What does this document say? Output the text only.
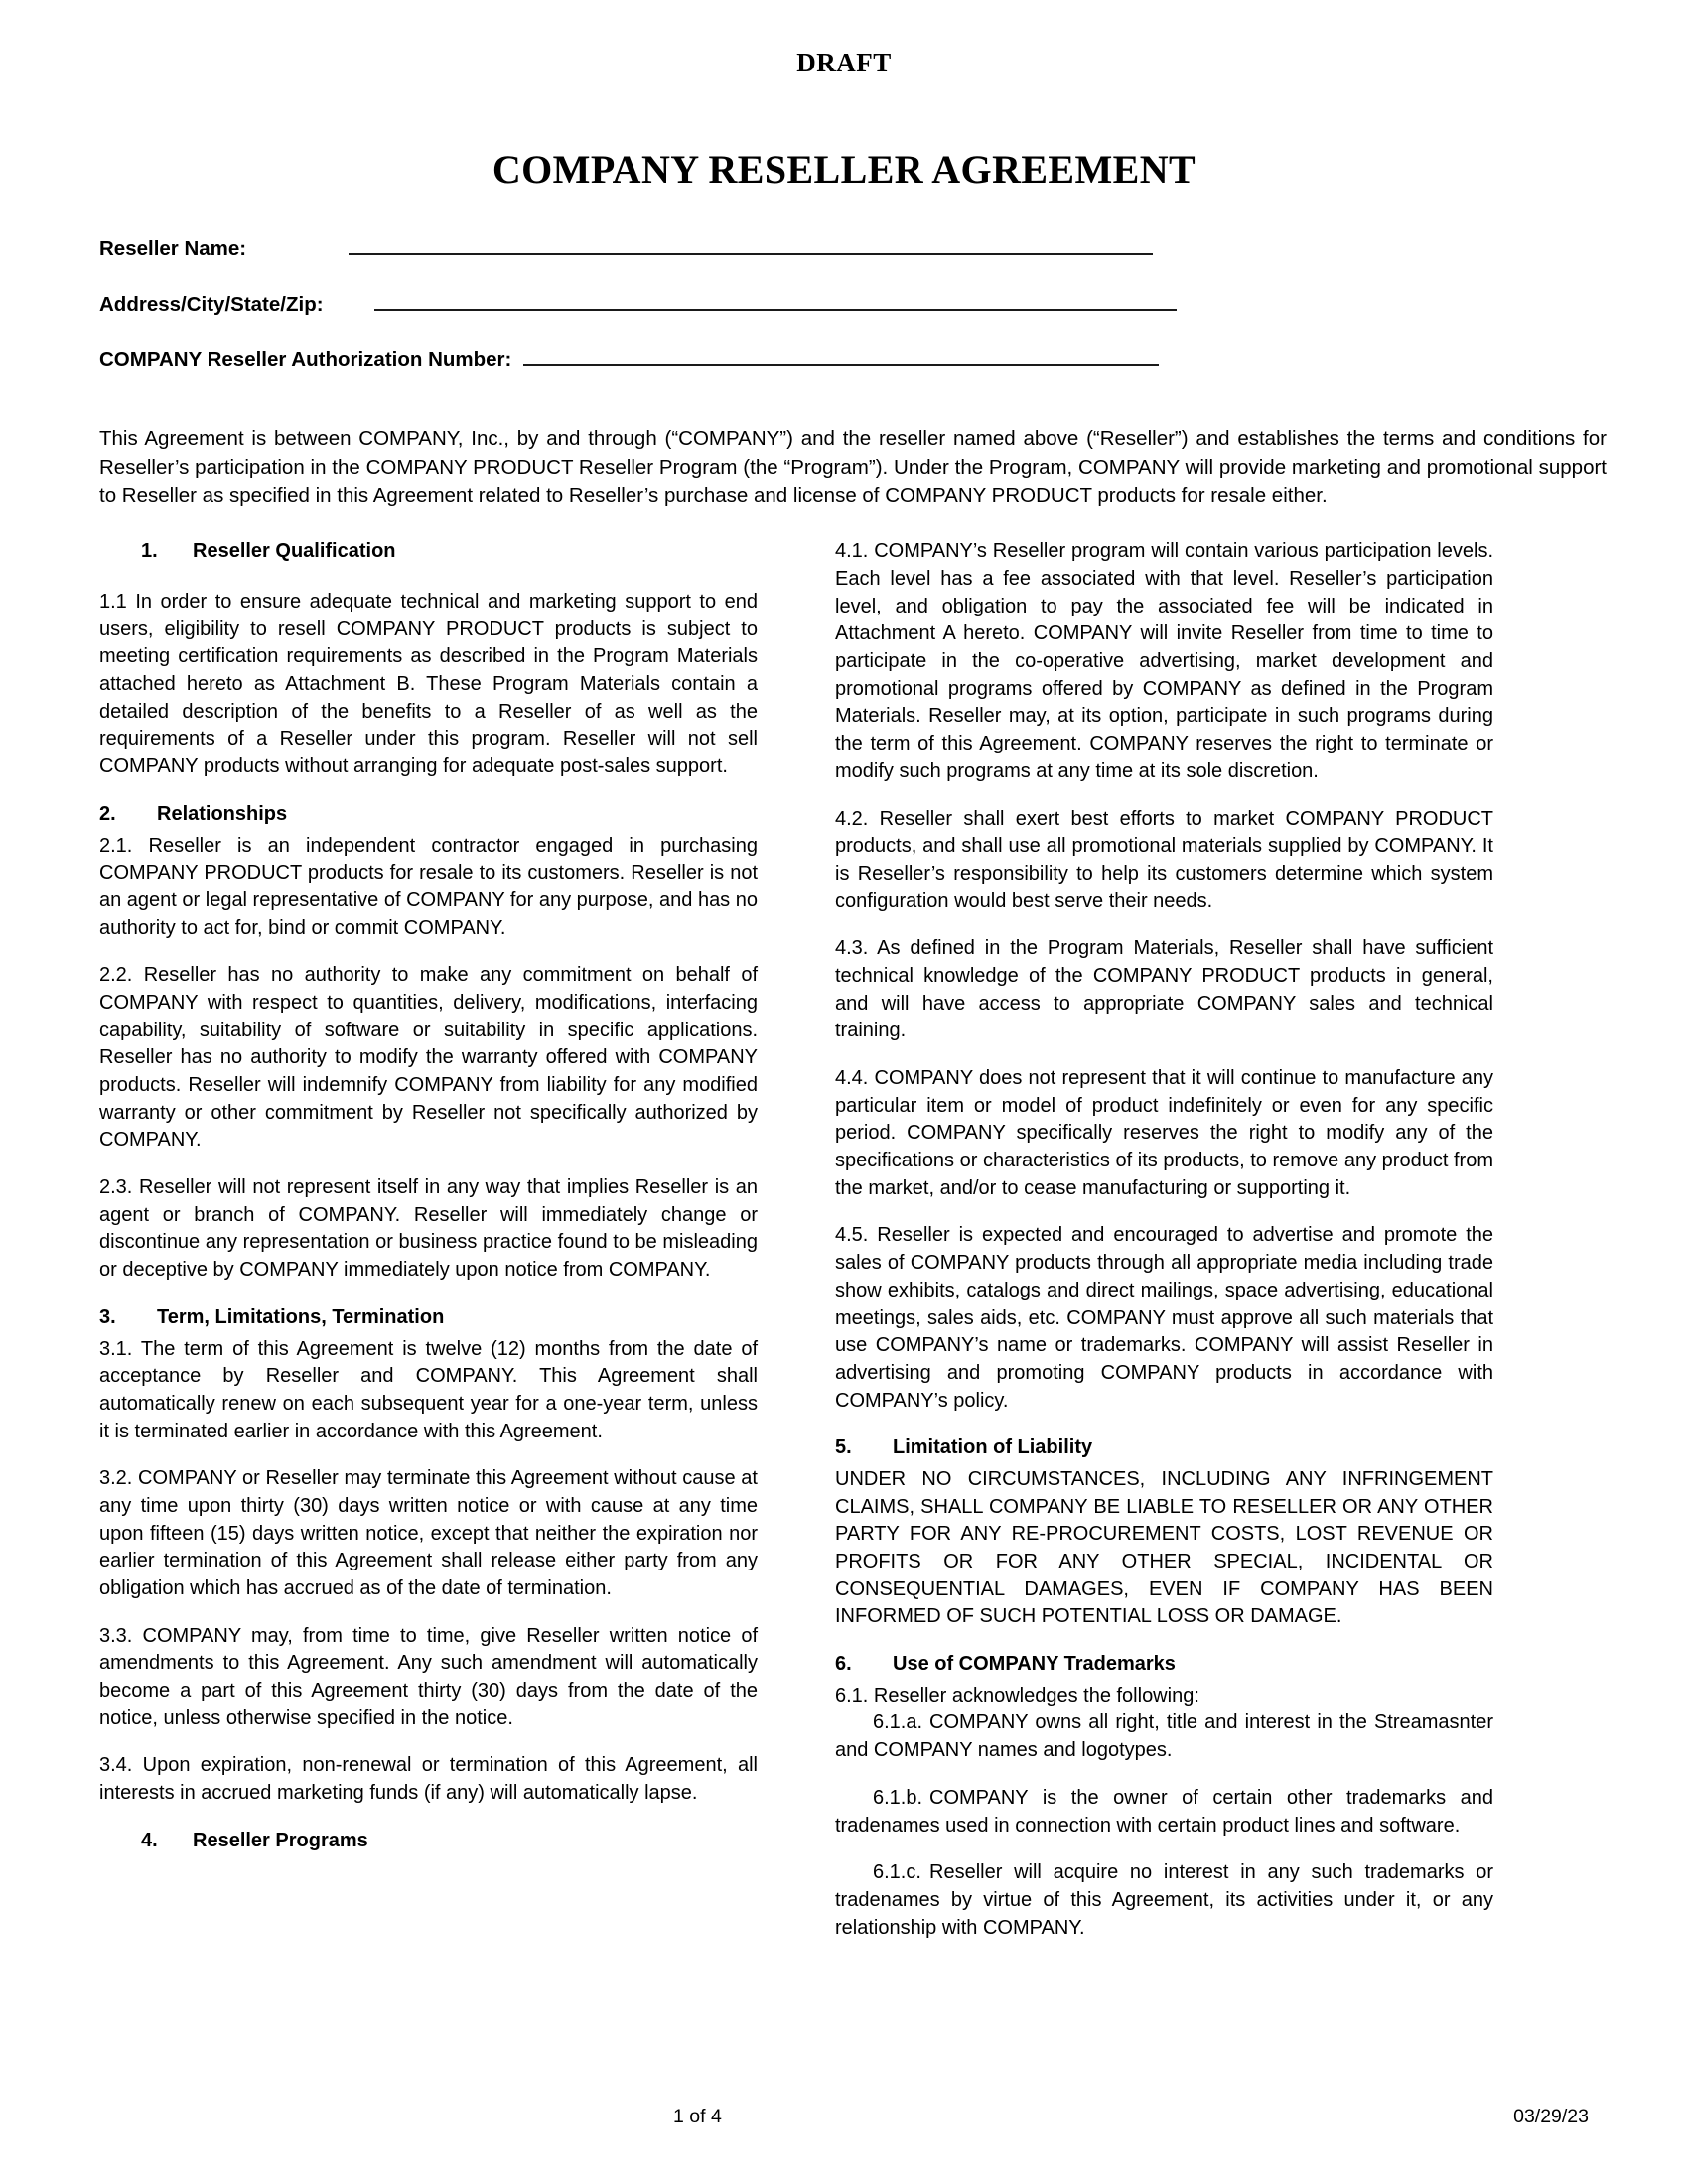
DRAFT
COMPANY RESELLER AGREEMENT
Reseller Name:
Address/City/State/Zip:
COMPANY Reseller Authorization Number:
This Agreement is between COMPANY, Inc., by and through (“COMPANY”) and the reseller named above (“Reseller”) and establishes the terms and conditions for Reseller’s participation in the COMPANY PRODUCT Reseller Program (the “Program”). Under the Program, COMPANY will provide marketing and promotional support to Reseller as specified in this Agreement related to Reseller’s purchase and license of COMPANY PRODUCT products for resale either.
1. Reseller Qualification

1.1 In order to ensure adequate technical and marketing support to end users, eligibility to resell COMPANY PRODUCT products is subject to meeting certification requirements as described in the Program Materials attached hereto as Attachment B. These Program Materials contain a detailed description of the benefits to a Reseller of as well as the requirements of a Reseller under this program. Reseller will not sell COMPANY products without arranging for adequate post-sales support.

2. Relationships

2.1. Reseller is an independent contractor engaged in purchasing COMPANY PRODUCT products for resale to its customers. Reseller is not an agent or legal representative of COMPANY for any purpose, and has no authority to act for, bind or commit COMPANY.

2.2. Reseller has no authority to make any commitment on behalf of COMPANY with respect to quantities, delivery, modifications, interfacing capability, suitability of software or suitability in specific applications. Reseller has no authority to modify the warranty offered with COMPANY products. Reseller will indemnify COMPANY from liability for any modified warranty or other commitment by Reseller not specifically authorized by COMPANY.

2.3. Reseller will not represent itself in any way that implies Reseller is an agent or branch of COMPANY. Reseller will immediately change or discontinue any representation or business practice found to be misleading or deceptive by COMPANY immediately upon notice from COMPANY.

3. Term, Limitations, Termination

3.1. The term of this Agreement is twelve (12) months from the date of acceptance by Reseller and COMPANY. This Agreement shall automatically renew on each subsequent year for a one-year term, unless it is terminated earlier in accordance with this Agreement.

3.2. COMPANY or Reseller may terminate this Agreement without cause at any time upon thirty (30) days written notice or with cause at any time upon fifteen (15) days written notice, except that neither the expiration nor earlier termination of this Agreement shall release either party from any obligation which has accrued as of the date of termination.

3.3. COMPANY may, from time to time, give Reseller written notice of amendments to this Agreement. Any such amendment will automatically become a part of this Agreement thirty (30) days from the date of the notice, unless otherwise specified in the notice.

3.4. Upon expiration, non-renewal or termination of this Agreement, all interests in accrued marketing funds (if any) will automatically lapse.

4. Reseller Programs

4.1. COMPANY’s Reseller program will contain various participation levels. Each level has a fee associated with that level. Reseller’s participation level, and obligation to pay the associated fee will be indicated in Attachment A hereto. COMPANY will invite Reseller from time to time to participate in the co-operative advertising, market development and promotional programs offered by COMPANY as defined in the Program Materials. Reseller may, at its option, participate in such programs during the term of this Agreement. COMPANY reserves the right to terminate or modify such programs at any time at its sole discretion.

4.2. Reseller shall exert best efforts to market COMPANY PRODUCT products, and shall use all promotional materials supplied by COMPANY. It is Reseller’s responsibility to help its customers determine which system configuration would best serve their needs.

4.3. As defined in the Program Materials, Reseller shall have sufficient technical knowledge of the COMPANY PRODUCT products in general, and will have access to appropriate COMPANY sales and technical training.

4.4. COMPANY does not represent that it will continue to manufacture any particular item or model of product indefinitely or even for any specific period. COMPANY specifically reserves the right to modify any of the specifications or characteristics of its products, to remove any product from the market, and/or to cease manufacturing or supporting it.

4.5. Reseller is expected and encouraged to advertise and promote the sales of COMPANY products through all appropriate media including trade show exhibits, catalogs and direct mailings, space advertising, educational meetings, sales aids, etc. COMPANY must approve all such materials that use COMPANY’s name or trademarks. COMPANY will assist Reseller in advertising and promoting COMPANY products in accordance with COMPANY’s policy.

5. Limitation of Liability

UNDER NO CIRCUMSTANCES, INCLUDING ANY INFRINGEMENT CLAIMS, SHALL COMPANY BE LIABLE TO RESELLER OR ANY OTHER PARTY FOR ANY RE-PROCUREMENT COSTS, LOST REVENUE OR PROFITS OR FOR ANY OTHER SPECIAL, INCIDENTAL OR CONSEQUENTIAL DAMAGES, EVEN IF COMPANY HAS BEEN INFORMED OF SUCH POTENTIAL LOSS OR DAMAGE.

6. Use of COMPANY Trademarks

6.1. Reseller acknowledges the following:

6.1.a. COMPANY owns all right, title and interest in the Streamasnter and COMPANY names and logotypes.

6.1.b. COMPANY is the owner of certain other trademarks and tradenames used in connection with certain product lines and software.

6.1.c. Reseller will acquire no interest in any such trademarks or tradenames by virtue of this Agreement, its activities under it, or any relationship with COMPANY.

1 of 4	03/29/23
